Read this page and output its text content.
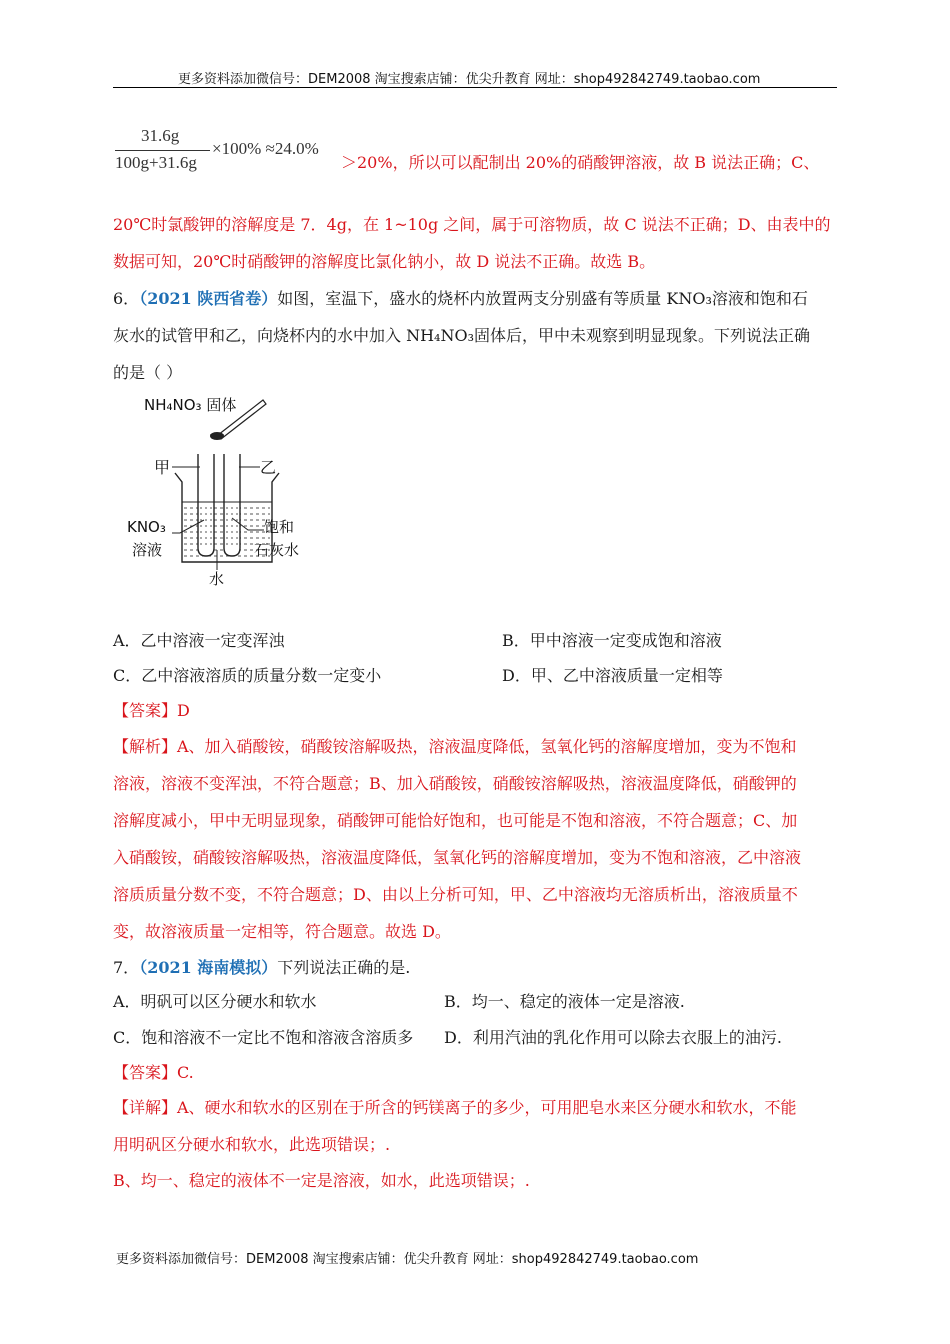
更多资料添加微信号：DEM2008 淘宝搜索店铺：优尖升教育 网址：shop492842749.taobao.com
31.6g
100g+31.6g
×100% ≈24.0%
＞20%，所以可以配制出 20%的硝酸钾溶液，故 B 说法正确；C、
20℃时氯酸钾的溶解度是 7．4g，在 1~10g 之间，属于可溶物质，故 C 说法不正确；D、由表中的
数据可知，20℃时硝酸钾的溶解度比氯化钠小，故 D 说法不正确。故选 B。
6．（2021 陕西省卷）如图，室温下，盛水的烧杯内放置两支分别盛有等质量 KNO₃溶液和饱和石
灰水的试管甲和乙，向烧杯内的水中加入 NH₄NO₃固体后，甲中未观察到明显现象。下列说法正确
的是（ ）
NH₄NO₃ 固体
甲	乙
KNO₃
溶液
饱和
石灰水
水
A．乙中溶液一定变浑浊	B．甲中溶液一定变成饱和溶液
C．乙中溶液溶质的质量分数一定变小	D．甲、乙中溶液质量一定相等
【答案】D
【解析】A、加入硝酸铵，硝酸铵溶解吸热，溶液温度降低，氢氧化钙的溶解度增加，变为不饱和
溶液，溶液不变浑浊，不符合题意；B、加入硝酸铵，硝酸铵溶解吸热，溶液温度降低，硝酸钾的
溶解度减小，甲中无明显现象，硝酸钾可能恰好饱和，也可能是不饱和溶液，不符合题意；C、加
入硝酸铵，硝酸铵溶解吸热，溶液温度降低，氢氧化钙的溶解度增加，变为不饱和溶液，乙中溶液
溶质质量分数不变，不符合题意；D、由以上分析可知，甲、乙中溶液均无溶质析出，溶液质量不
变，故溶液质量一定相等，符合题意。故选 D。
7．（2021 海南模拟）下列说法正确的是.
A．明矾可以区分硬水和软水	B．均一、稳定的液体一定是溶液.
C．饱和溶液不一定比不饱和溶液含溶质多 D．利用汽油的乳化作用可以除去衣服上的油污.
【答案】C.
【详解】A、硬水和软水的区别在于所含的钙镁离子的多少，可用肥皂水来区分硬水和软水，不能
用明矾区分硬水和软水，此选项错误；.
B、均一、稳定的液体不一定是溶液，如水，此选项错误；.
更多资料添加微信号：DEM2008 淘宝搜索店铺：优尖升教育 网址：shop492842749.taobao.com
